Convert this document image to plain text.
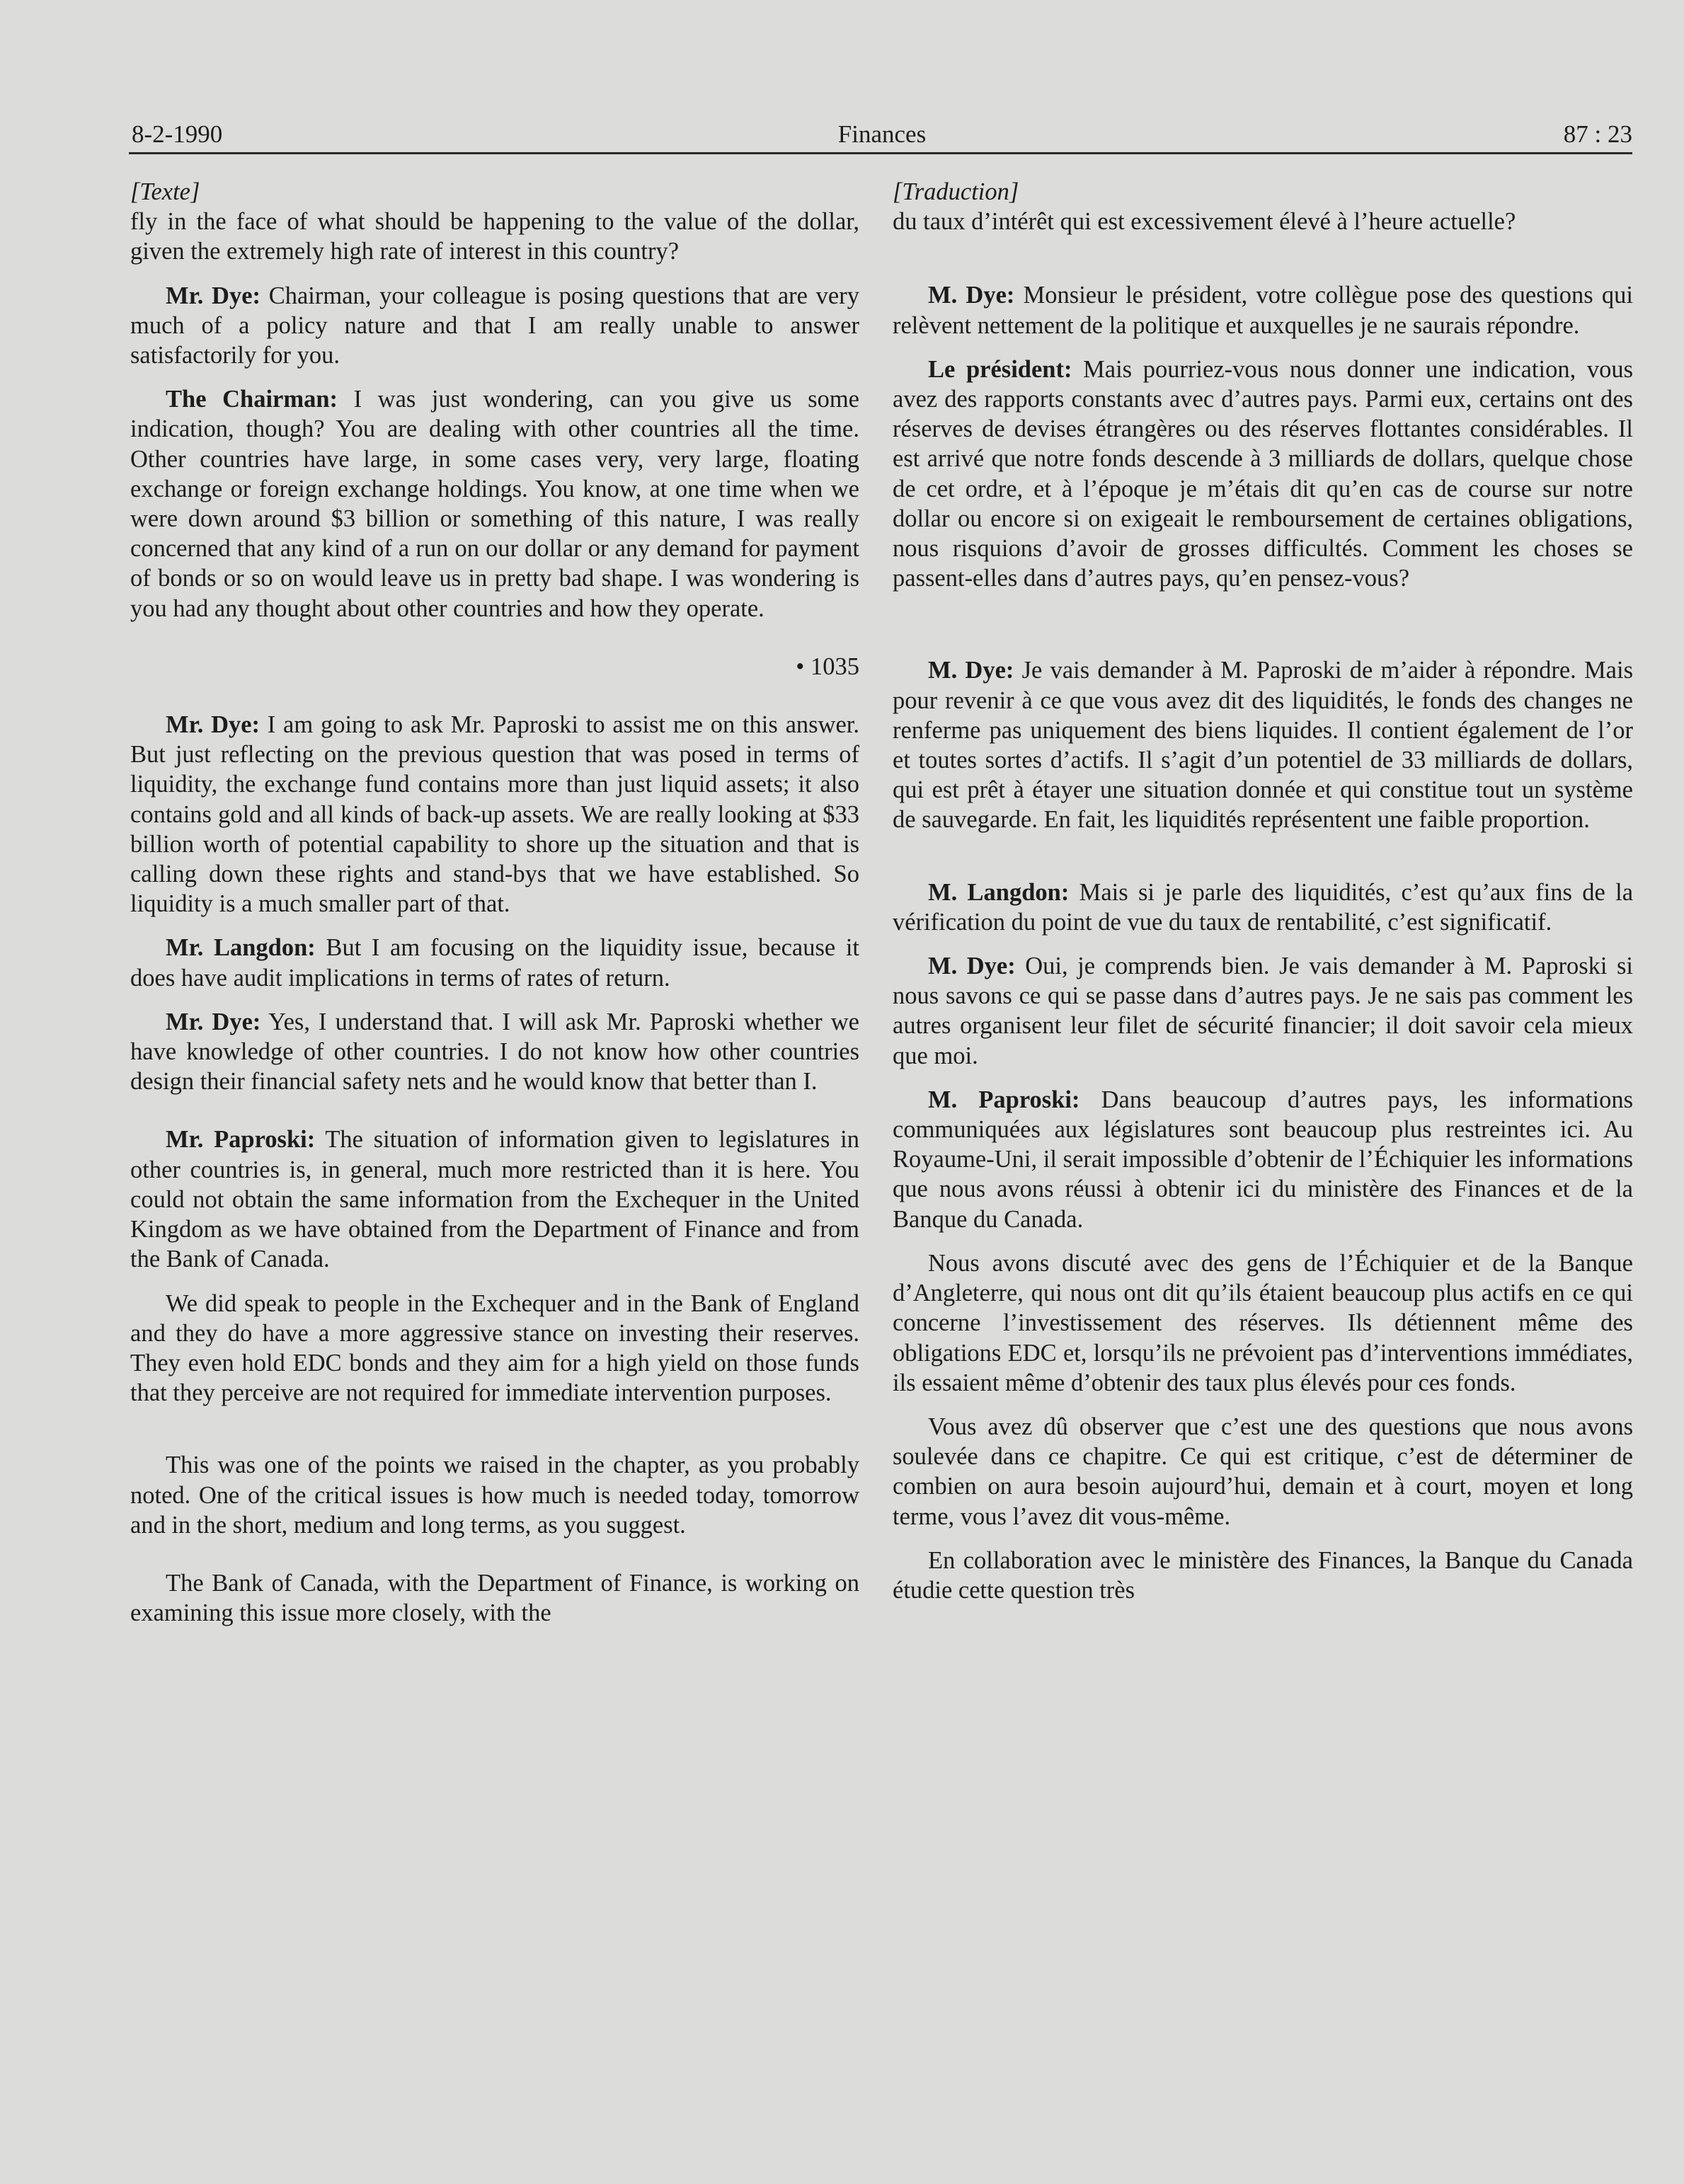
8-2-1990	Finances	87 : 23

[Texte]

fly in the face of what should be happening to the value of the dollar, given the extremely high rate of interest in this country?

Mr. Dye: Chairman, your colleague is posing questions that are very much of a policy nature and that I am really unable to answer satisfactorily for you.

The Chairman: I was just wondering, can you give us some indication, though? You are dealing with other countries all the time. Other countries have large, in some cases very, very large, floating exchange or foreign exchange holdings. You know, at one time when we were down around $3 billion or something of this nature, I was really concerned that any kind of a run on our dollar or any demand for payment of bonds or so on would leave us in pretty bad shape. I was wondering is you had any thought about other countries and how they operate.

• 1035

Mr. Dye: I am going to ask Mr. Paproski to assist me on this answer. But just reflecting on the previous question that was posed in terms of liquidity, the exchange fund contains more than just liquid assets; it also contains gold and all kinds of back-up assets. We are really looking at $33 billion worth of potential capability to shore up the situation and that is calling down these rights and stand-bys that we have established. So liquidity is a much smaller part of that.

Mr. Langdon: But I am focusing on the liquidity issue, because it does have audit implications in terms of rates of return.

Mr. Dye: Yes, I understand that. I will ask Mr. Paproski whether we have knowledge of other countries. I do not know how other countries design their financial safety nets and he would know that better than I.

Mr. Paproski: The situation of information given to legislatures in other countries is, in general, much more restricted than it is here. You could not obtain the same information from the Exchequer in the United Kingdom as we have obtained from the Department of Finance and from the Bank of Canada.

We did speak to people in the Exchequer and in the Bank of England and they do have a more aggressive stance on investing their reserves. They even hold EDC bonds and they aim for a high yield on those funds that they perceive are not required for immediate intervention purposes.

This was one of the points we raised in the chapter, as you probably noted. One of the critical issues is how much is needed today, tomorrow and in the short, medium and long terms, as you suggest.

The Bank of Canada, with the Department of Finance, is working on examining this issue more closely, with the

[Traduction]

du taux d’intérêt qui est excessivement élevé à l’heure actuelle?

M. Dye: Monsieur le président, votre collègue pose des questions qui relèvent nettement de la politique et auxquelles je ne saurais répondre.

Le président: Mais pourriez-vous nous donner une indication, vous avez des rapports constants avec d’autres pays. Parmi eux, certains ont des réserves de devises étrangères ou des réserves flottantes considérables. Il est arrivé que notre fonds descende à 3 milliards de dollars, quelque chose de cet ordre, et à l’époque je m’étais dit qu’en cas de course sur notre dollar ou encore si on exigeait le remboursement de certaines obligations, nous risquions d’avoir de grosses difficultés. Comment les choses se passent-elles dans d’autres pays, qu’en pensez-vous?

M. Dye: Je vais demander à M. Paproski de m’aider à répondre. Mais pour revenir à ce que vous avez dit des liquidités, le fonds des changes ne renferme pas uniquement des biens liquides. Il contient également de l’or et toutes sortes d’actifs. Il s’agit d’un potentiel de 33 milliards de dollars, qui est prêt à étayer une situation donnée et qui constitue tout un système de sauvegarde. En fait, les liquidités représentent une faible proportion.

M. Langdon: Mais si je parle des liquidités, c’est qu’aux fins de la vérification du point de vue du taux de rentabilité, c’est significatif.

M. Dye: Oui, je comprends bien. Je vais demander à M. Paproski si nous savons ce qui se passe dans d’autres pays. Je ne sais pas comment les autres organisent leur filet de sécurité financier; il doit savoir cela mieux que moi.

M. Paproski: Dans beaucoup d’autres pays, les informations communiquées aux législatures sont beaucoup plus restreintes ici. Au Royaume-Uni, il serait impossible d’obtenir de l’Échiquier les informations que nous avons réussi à obtenir ici du ministère des Finances et de la Banque du Canada.

Nous avons discuté avec des gens de l’Échiquier et de la Banque d’Angleterre, qui nous ont dit qu’ils étaient beaucoup plus actifs en ce qui concerne l’investissement des réserves. Ils détiennent même des obligations EDC et, lorsqu’ils ne prévoient pas d’interventions immédiates, ils essaient même d’obtenir des taux plus élevés pour ces fonds.

Vous avez dû observer que c’est une des questions que nous avons soulevée dans ce chapitre. Ce qui est critique, c’est de déterminer de combien on aura besoin aujourd’hui, demain et à court, moyen et long terme, vous l’avez dit vous-même.

En collaboration avec le ministère des Finances, la Banque du Canada étudie cette question très
